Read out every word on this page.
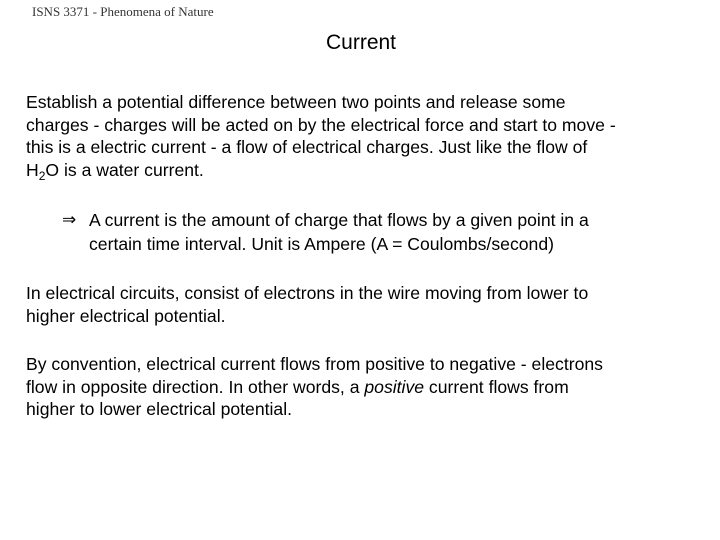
ISNS 3371 - Phenomena of Nature
Current
Establish a potential difference between two points and release some
charges - charges will be acted on by the electrical force and start to move -
this is a electric current - a flow of electrical charges. Just like the flow of
$H_2O$ is a water current.
⇒ A current is the amount of charge that flows by a given point in a
certain time interval. Unit is Ampere (A = Coulombs/second)
In electrical circuits, consist of electrons in the wire moving from lower to
higher electrical potential.
By convention, electrical current flows from positive to negative - electrons
flow in opposite direction. In other words, a positive current flows from
higher to lower electrical potential.
